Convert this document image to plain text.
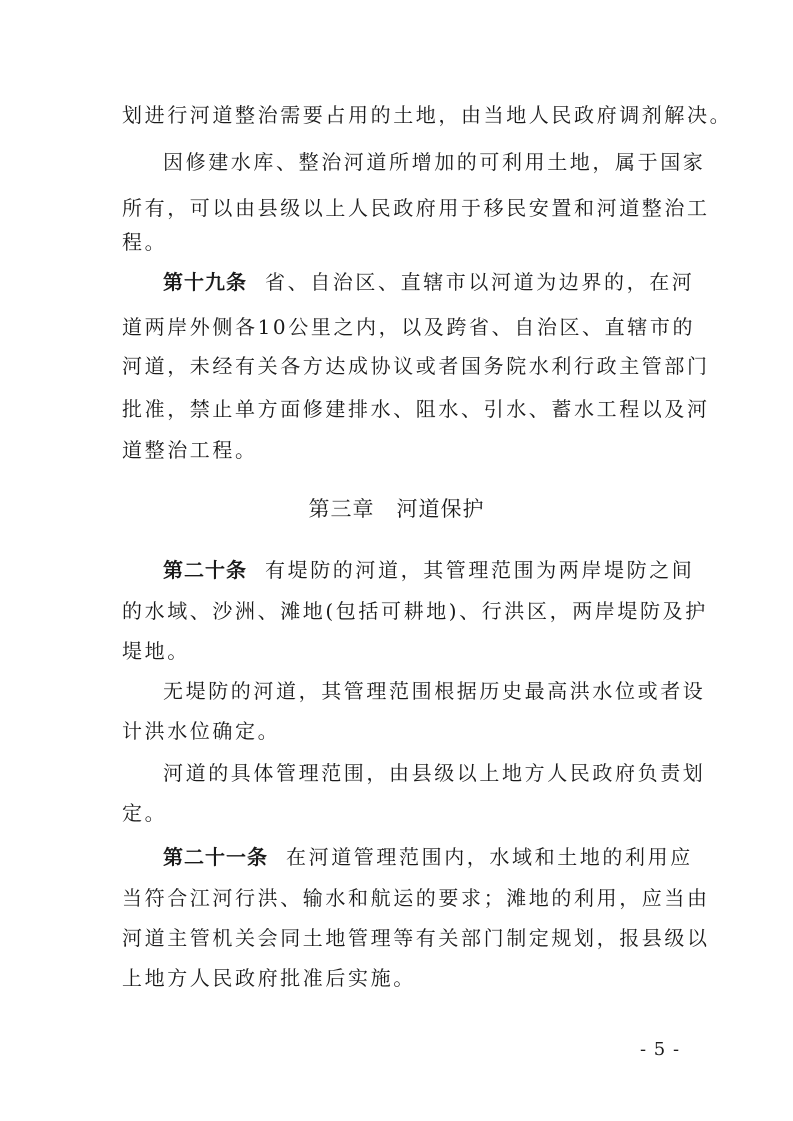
划进行河道整治需要占用的土地，由当地人民政府调剂解决。
因修建水库、整治河道所增加的可利用土地，属于国家
所有，可以由县级以上人民政府用于移民安置和河道整治工
程。
第十九条 省、自治区、直辖市以河道为边界的，在河
道两岸外侧各10公里之内，以及跨省、自治区、直辖市的
河道，未经有关各方达成协议或者国务院水利行政主管部门
批准，禁止单方面修建排水、阻水、引水、蓄水工程以及河
道整治工程。
第三章 河道保护
第二十条 有堤防的河道，其管理范围为两岸堤防之间
的水域、沙洲、滩地(包括可耕地)、行洪区，两岸堤防及护
堤地。
无堤防的河道，其管理范围根据历史最高洪水位或者设
计洪水位确定。
河道的具体管理范围，由县级以上地方人民政府负责划
定。
第二十一条 在河道管理范围内，水域和土地的利用应
当符合江河行洪、输水和航运的要求；滩地的利用，应当由
河道主管机关会同土地管理等有关部门制定规划，报县级以
上地方人民政府批准后实施。
- 5 -
